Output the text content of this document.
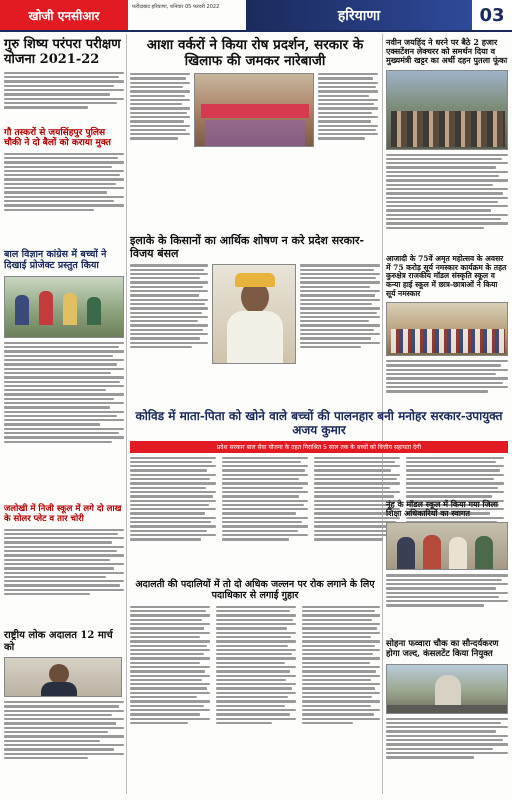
खोजी एनसीआर
फरीदाबाद हरियाणा, शनिवार 05 फरवरी 2022
हरियाणा	03
गुरु शिष्य परंपरा परीक्षण योजना 2021-22
गौ तस्करों से जयसिंहपुर पुलिस चौकी ने दो बैलों को कराया मुक्त
बाल विज्ञान कांग्रेस में बच्चों ने दिखाई प्रोजेक्ट प्रस्तुत किया
जलोखी में निजी स्कूल में लगे दो लाख के सोलर प्लेट व तार चोरी
राष्ट्रीय लोक अदालत 12 मार्च को
आशा वर्करों ने किया रोष प्रदर्शन, सरकार के खिलाफ की जमकर नारेबाजी
इलाके के किसानों का आर्थिक शोषण न करे प्रदेश सरकार-विजय बंसल
कोविड में माता-पिता को खोने वाले बच्चों की पालनहार बनी मनोहर सरकार-उपायुक्त अजय कुमार
प्रदेश सरकार बाल सेवा योजना के तहत निराश्रित 5 साल तक के बच्चों को वित्तीय सहायता देगी
अदालती की पदालियों में तो दो अधिक जल्लन पर रोक लगाने के लिए पदाधिकार से लगाई गुहार
नवीन जयहिंद ने धरने पर बैठे 2 हजार एक्सटेंशन लेक्चरर को समर्थन दिया व मुख्यमंत्री खट्टर का अर्थी दहन पुतला फूंका
आजादी के 75वें अमृत महोत्सव के अवसर में 75 करोड़ सूर्य नमस्कार कार्यक्रम के तहत कुरुक्षेत्र राजकीय मॉडल संस्कृति स्कूल व कन्या हाई स्कूल में छात्र-छात्राओं ने किया सूर्य नमस्कार
नूंह के मॉडल स्कूल में किया गया जिला शिक्षा अधिकारियों का स्वागत
सोहना फव्वारा चौक का सौन्दर्यकरण होगा जल्द, कंसलटेंट किया नियुक्त
